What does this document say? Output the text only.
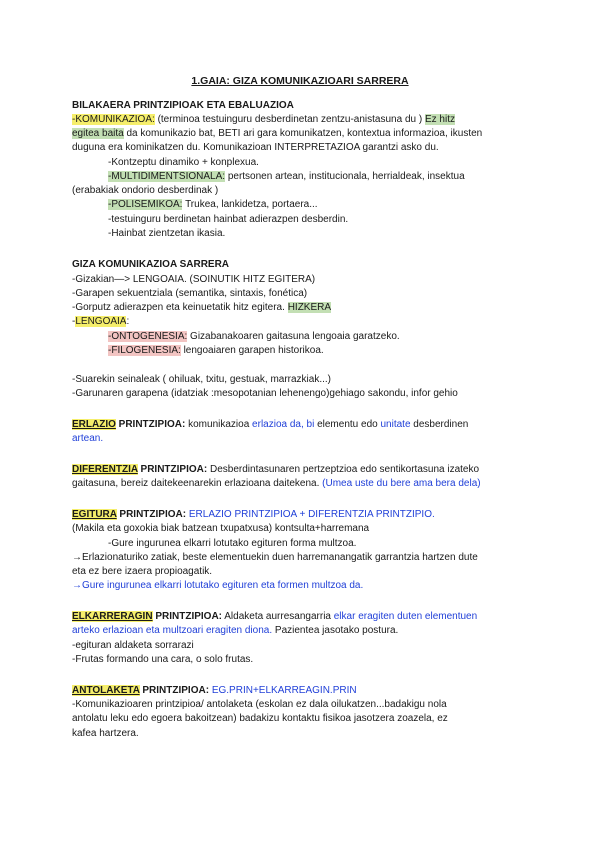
1.GAIA: GIZA KOMUNIKAZIOARI SARRERA
BILAKAERA PRINTZIPIOAK ETA EBALUAZIOA
-KOMUNIKAZIOA: (terminoa testuinguru desberdinetan zentzu-anistasuna du ) Ez hitz
egitea baita da komunikazio bat, BETI ari gara komunikatzen, kontextua informazioa, ikusten
duguna era kominikatzen du. Komunikazioan INTERPRETAZIOA garantzi asko du.
-Kontzeptu dinamiko + konplexua.
-MULTIDIMENTSIONALA: pertsonen artean, institucionala, herrialdeak, insektua
(erabakiak ondorio desberdinak )
-POLISEMIKOA: Trukea, lankidetza, portaera...
-testuinguru berdinetan hainbat adierazpen desberdin.
-Hainbat zientzetan ikasia.
GIZA KOMUNIKAZIOA SARRERA
-Gizakian—> LENGOAIA. (SOINUTIK HITZ EGITERA)
-Garapen sekuentziala (semantika, sintaxis, fonética)
-Gorputz adierazpen eta keinuetatik hitz egitera. HIZKERA
-LENGOAIA:
-ONTOGENESIA: Gizabanakoaren gaitasuna lengoaia garatzeko.
-FILOGENESIA: lengoaiaren garapen historikoa.
-Suarekin seinaleak ( ohiluak, txitu, gestuak, marrazkiak...)
-Garunaren garapena (idatziak :mesopotanian lehenengo)gehiago sakondu, infor gehio
ERLAZIO PRINTZIPIOA: komunikazioa erlazioa da, bi elementu edo unitate desberdinen
artean.
DIFERENTZIA PRINTZIPIOA: Desberdintasunaren pertzeptzioa edo sentikortasuna izateko
gaitasuna, bereiz daitekeenarekin erlazioana daitekena. (Umea uste du bere ama bera dela)
EGITURA PRINTZIPIOA: ERLAZIO PRINTZIPIOA + DIFERENTZIA PRINTZIPIO.
(Makila eta goxokia biak batzean txupatxusa) kontsulta+harremana
-Gure ingurunea elkarri lotutako egituren forma multzoa.
→Erlazionaturiko zatiak, beste elementuekin duen harremanangatik garrantzia hartzen dute
eta ez bere izaera propioagatik.
→Gure ingurunea elkarri lotutako egituren eta formen multzoa da.
ELKARRERAGIN PRINTZIPIOA: Aldaketa aurresangarria elkar eragiten duten elementuen
arteko erlazioan eta multzoari eragiten diona. Pazientea jasotako postura.
-egituran aldaketa sorrarazi
-Frutas formando una cara, o solo frutas.
ANTOLAKETA PRINTZIPIOA: EG.PRIN+ELKARREAGIN.PRIN
-Komunikazioaren printzipioa/ antolaketa (eskolan ez dala oilukatzen...badakigu nola
antolatu leku edo egoera bakoitzean) badakizu kontaktu fisikoa jasotzera zoazela, ez
kafea hartzera.
